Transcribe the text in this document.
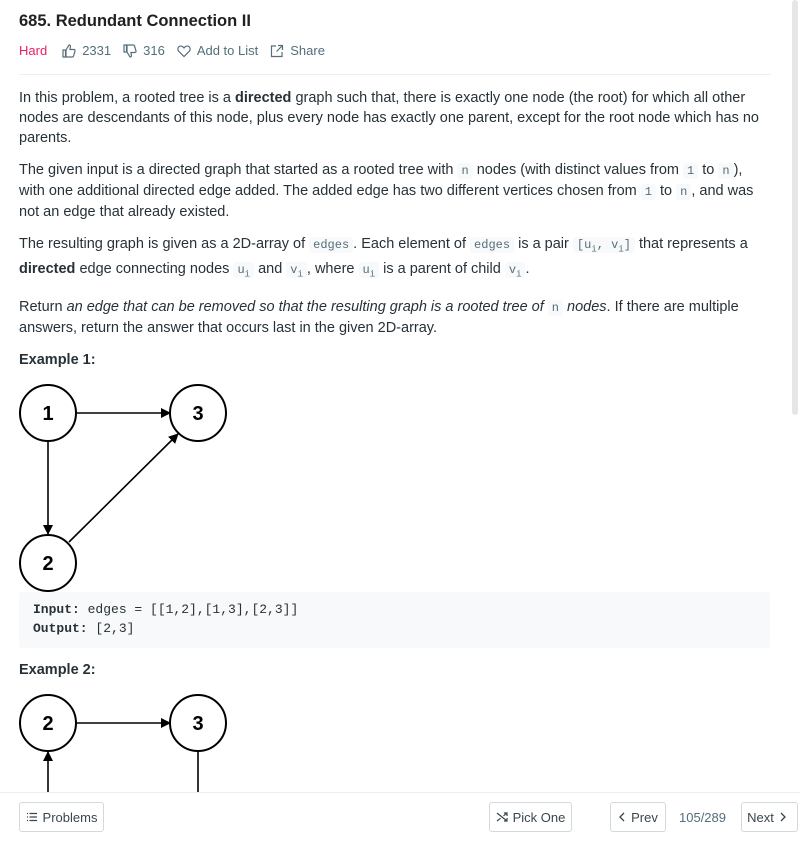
685. Redundant Connection II
Hard	2331 316 Add to List Share

In this problem, a rooted tree is a directed graph such that, there is exactly one node (the root) for which all other nodes are descendants of this node, plus every node has exactly one parent, except for the root node which has no parents.

The given input is a directed graph that started as a rooted tree with n nodes (with distinct values from 1 to n ), with one additional directed edge added. The added edge has two different vertices chosen from 1 to n , and was not an edge that already existed.

The resulting graph is given as a 2D-array of edges . Each element of edges is a pair [$u_i$, $v_i$] that represents a directed edge connecting nodes $u_i$ and $v_i$ , where $u_i$ is a parent of child $v_i$ .

Return an edge that can be removed so that the resulting graph is a rooted tree of n nodes. If there are multiple answers, return the answer that occurs last in the given 2D-array.

Example 1:
1	3
2
Input: edges = [[1,2],[1,3],[2,3]]
Output: [2,3]
Example 2:
2	3
Problems	Pick One	Prev 105/289 Next
